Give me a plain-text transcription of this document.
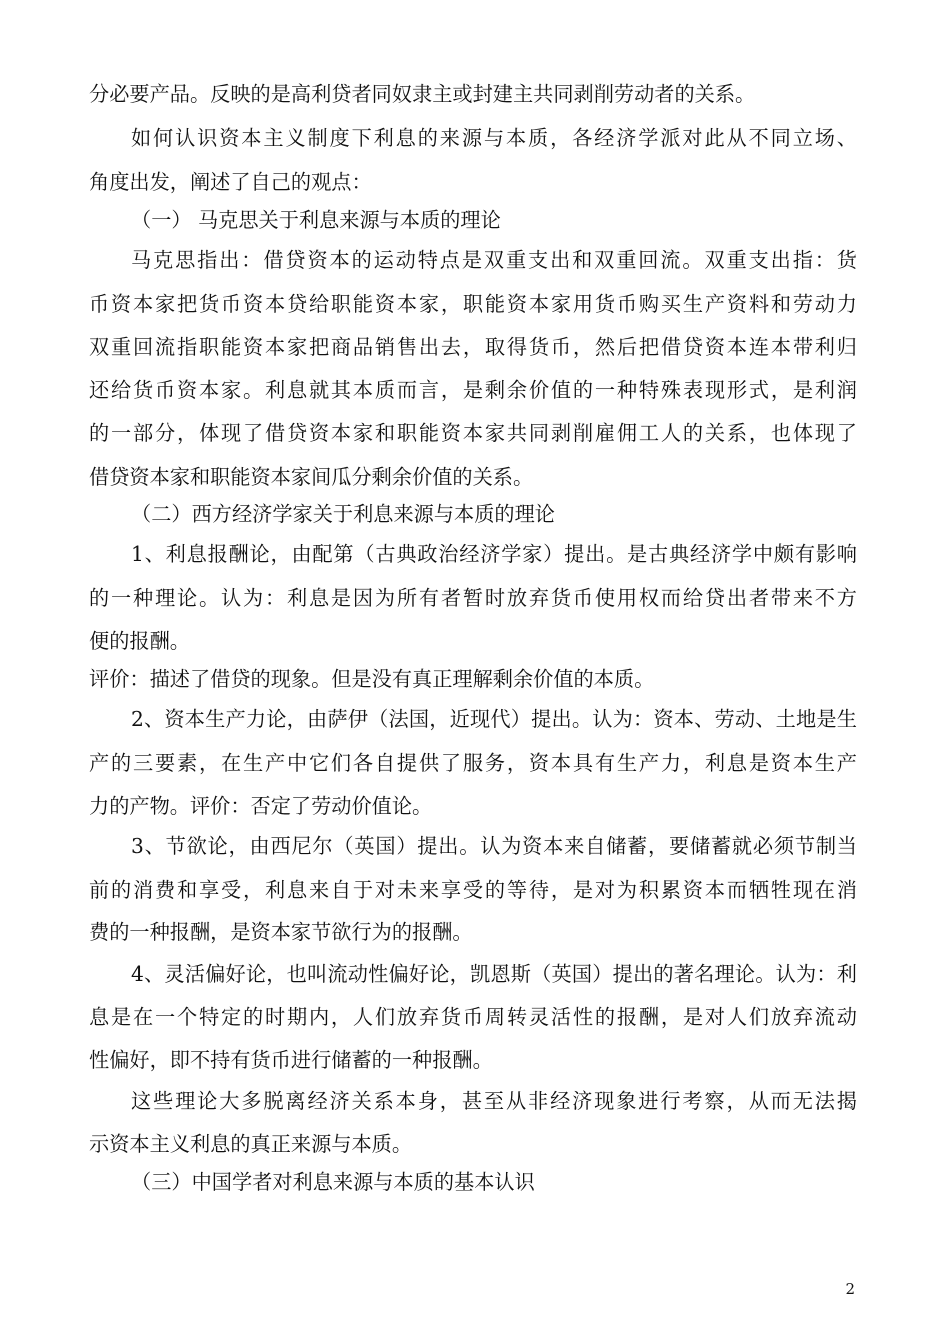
分必要产品。反映的是高利贷者同奴隶主或封建主共同剥削劳动者的关系。
如何认识资本主义制度下利息的来源与本质，各经济学派对此从不同立场、
角度出发，阐述了自己的观点：
（一） 马克思关于利息来源与本质的理论
马克思指出：借贷资本的运动特点是双重支出和双重回流。双重支出指：货
币资本家把货币资本贷给职能资本家，职能资本家用货币购买生产资料和劳动力
双重回流指职能资本家把商品销售出去，取得货币，然后把借贷资本连本带利归
还给货币资本家。利息就其本质而言，是剩余价值的一种特殊表现形式，是利润
的一部分，体现了借贷资本家和职能资本家共同剥削雇佣工人的关系，也体现了
借贷资本家和职能资本家间瓜分剩余价值的关系。
（二）西方经济学家关于利息来源与本质的理论
1、利息报酬论，由配第（古典政治经济学家）提出。是古典经济学中颇有影响
的一种理论。认为：利息是因为所有者暂时放弃货币使用权而给贷出者带来不方
便的报酬。
评价：描述了借贷的现象。但是没有真正理解剩余价值的本质。
2、资本生产力论，由萨伊（法国，近现代）提出。认为：资本、劳动、土地是生
产的三要素，在生产中它们各自提供了服务，资本具有生产力，利息是资本生产
力的产物。评价：否定了劳动价值论。
3、节欲论，由西尼尔（英国）提出。认为资本来自储蓄，要储蓄就必须节制当
前的消费和享受，利息来自于对未来享受的等待，是对为积累资本而牺牲现在消
费的一种报酬，是资本家节欲行为的报酬。
4、灵活偏好论，也叫流动性偏好论，凯恩斯（英国）提出的著名理论。认为：利
息是在一个特定的时期内，人们放弃货币周转灵活性的报酬，是对人们放弃流动
性偏好，即不持有货币进行储蓄的一种报酬。
这些理论大多脱离经济关系本身，甚至从非经济现象进行考察，从而无法揭
示资本主义利息的真正来源与本质。
（三）中国学者对利息来源与本质的基本认识
2
